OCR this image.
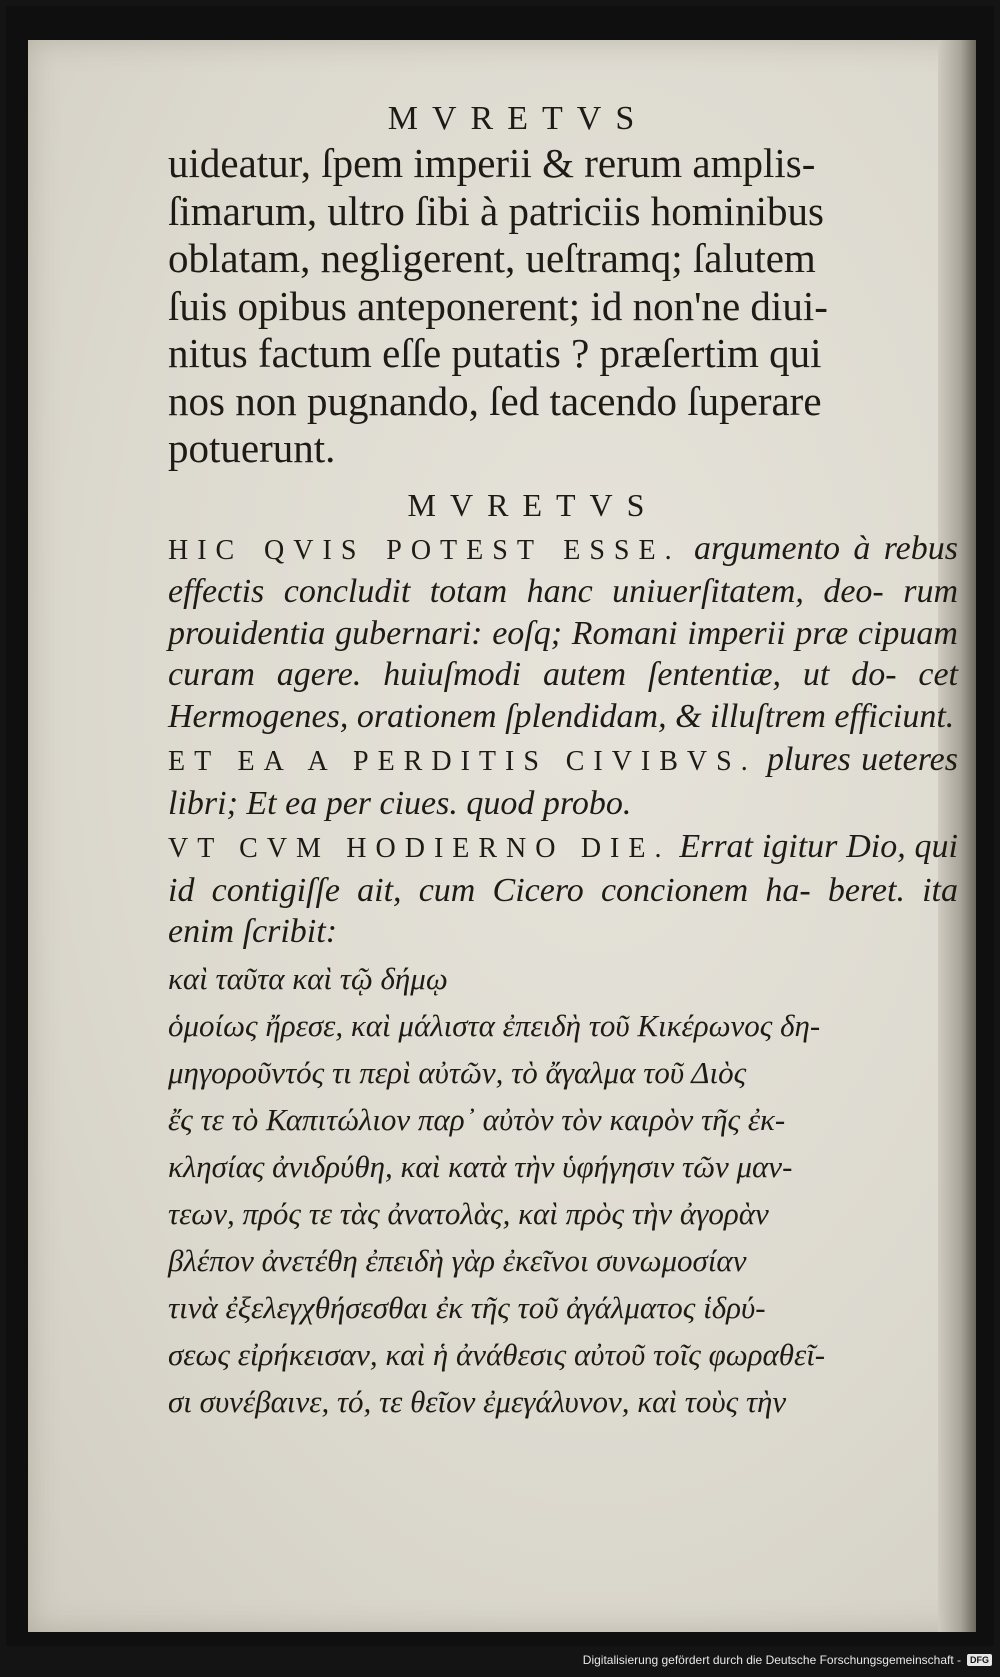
MVRETVS

uideatur, ſpem imperii & rerum amplis-

ſimarum, ultro ſibi à patriciis hominibus

oblatam, negligerent, ueſtramq; ſalutem

ſuis opibus anteponerent; id non'ne diui-

nitus factum eſſe putatis ? præſertim qui

nos non pugnando, ſed tacendo ſuperare

potuerunt.

MVRETVS

HIC QVIS POTEST ESSE. argumento à rebus effectis concludit totam hanc uniuerſitatem, deo- rum prouidentia gubernari: eoſq; Romani imperii præ cipuam curam agere. huiuſmodi autem ſententiæ, ut do- cet Hermogenes, orationem ſplendidam, & illuſtrem efficiunt.

ET EA A PERDITIS CIVIBVS. plures ueteres libri; Et ea per ciues. quod probo.

VT CVM HODIERNO DIE. Errat igitur Dio, qui id contigiſſe ait, cum Cicero concionem ha- beret. ita enim ſcribit:

καὶ ταῦτα καὶ τῷ δήμῳ

ὁμοίως ἤρεσε, καὶ μάλιστα ἐπειδὴ τοῦ Κικέρωνος δη-

μηγοροῦντός τι περὶ αὐτῶν, τὸ ἄγαλμα τοῦ Διὸς

ἔς τε τὸ Καπιτώλιον παρ᾽ αὐτὸν τὸν καιρὸν τῆς ἐκ-

κλησίας ἀνιδρύθη, καὶ κατὰ τὴν ὑφήγησιν τῶν μαν-

τεων, πρός τε τὰς ἀνατολὰς, καὶ πρὸς τὴν ἀγορὰν

βλέπον ἀνετέθη ἐπειδὴ γὰρ ἐκεῖνοι συνωμοσίαν

τινὰ ἐξελεγχθήσεσθαι ἐκ τῆς τοῦ ἀγάλματος ἱδρύ-

σεως εἰρήκεισαν, καὶ ἡ ἀνάθεσις αὐτοῦ τοῖς φωραθεῖ-

σι συνέβαινε, τό, τε θεῖον ἐμεγάλυνον, καὶ τοὺς τὴν

Digitalisierung gefördert durch die Deutsche Forschungsgemeinschaft -	DFG
